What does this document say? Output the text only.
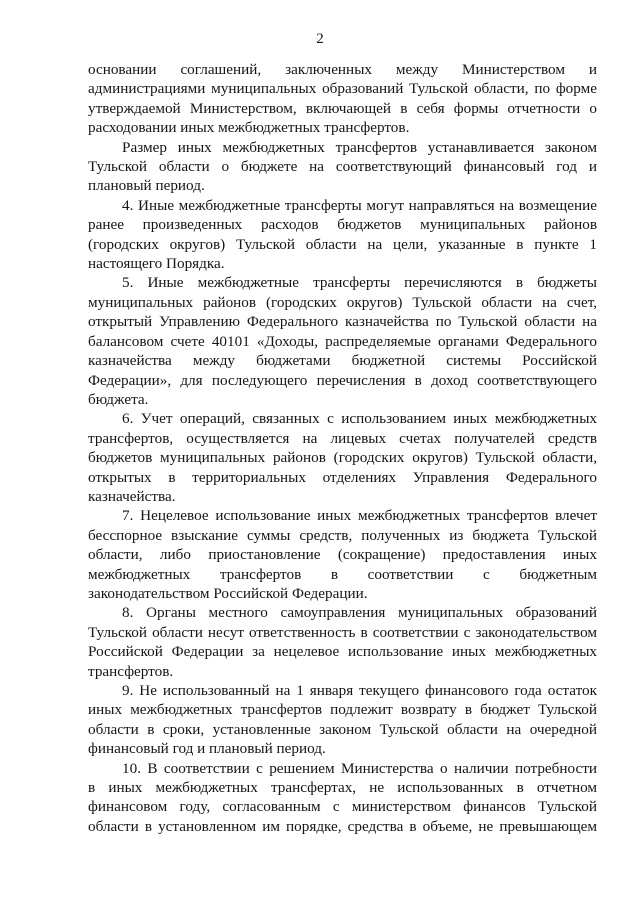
2

основании соглашений, заключенных между Министерством и
администрациями муниципальных образований Тульской области, по форме
утверждаемой Министерством, включающей в себя формы отчетности о
расходовании иных межбюджетных трансфертов.

Размер иных межбюджетных трансфертов устанавливается законом
Тульской области о бюджете на соответствующий финансовый год и
плановый период.

4. Иные межбюджетные трансферты могут направляться на возмещение
ранее произведенных расходов бюджетов муниципальных районов
(городских округов) Тульской области на цели, указанные в пункте 1
настоящего Порядка.

5. Иные межбюджетные трансферты перечисляются в бюджеты
муниципальных районов (городских округов) Тульской области на счет,
открытый Управлению Федерального казначейства по Тульской области на
балансовом счете 40101 «Доходы, распределяемые органами Федерального
казначейства между бюджетами бюджетной системы Российской
Федерации», для последующего перечисления в доход соответствующего
бюджета.

6. Учет операций, связанных с использованием иных межбюджетных
трансфертов, осуществляется на лицевых счетах получателей средств
бюджетов муниципальных районов (городских округов) Тульской области,
открытых в территориальных отделениях Управления Федерального
казначейства.

7. Нецелевое использование иных межбюджетных трансфертов влечет
бесспорное взыскание суммы средств, полученных из бюджета Тульской
области, либо приостановление (сокращение) предоставления иных
межбюджетных трансфертов в соответствии с бюджетным
законодательством Российской Федерации.

8. Органы местного самоуправления муниципальных образований
Тульской области несут ответственность в соответствии с законодательством
Российской Федерации за нецелевое использование иных межбюджетных
трансфертов.

9. Не использованный на 1 января текущего финансового года остаток
иных межбюджетных трансфертов подлежит возврату в бюджет Тульской
области в сроки, установленные законом Тульской области на очередной
финансовый год и плановый период.

10. В соответствии с решением Министерства о наличии потребности
в иных межбюджетных трансфертах, не использованных в отчетном
финансовом году, согласованным с министерством финансов Тульской
области в установленном им порядке, средства в объеме, не превышающем
